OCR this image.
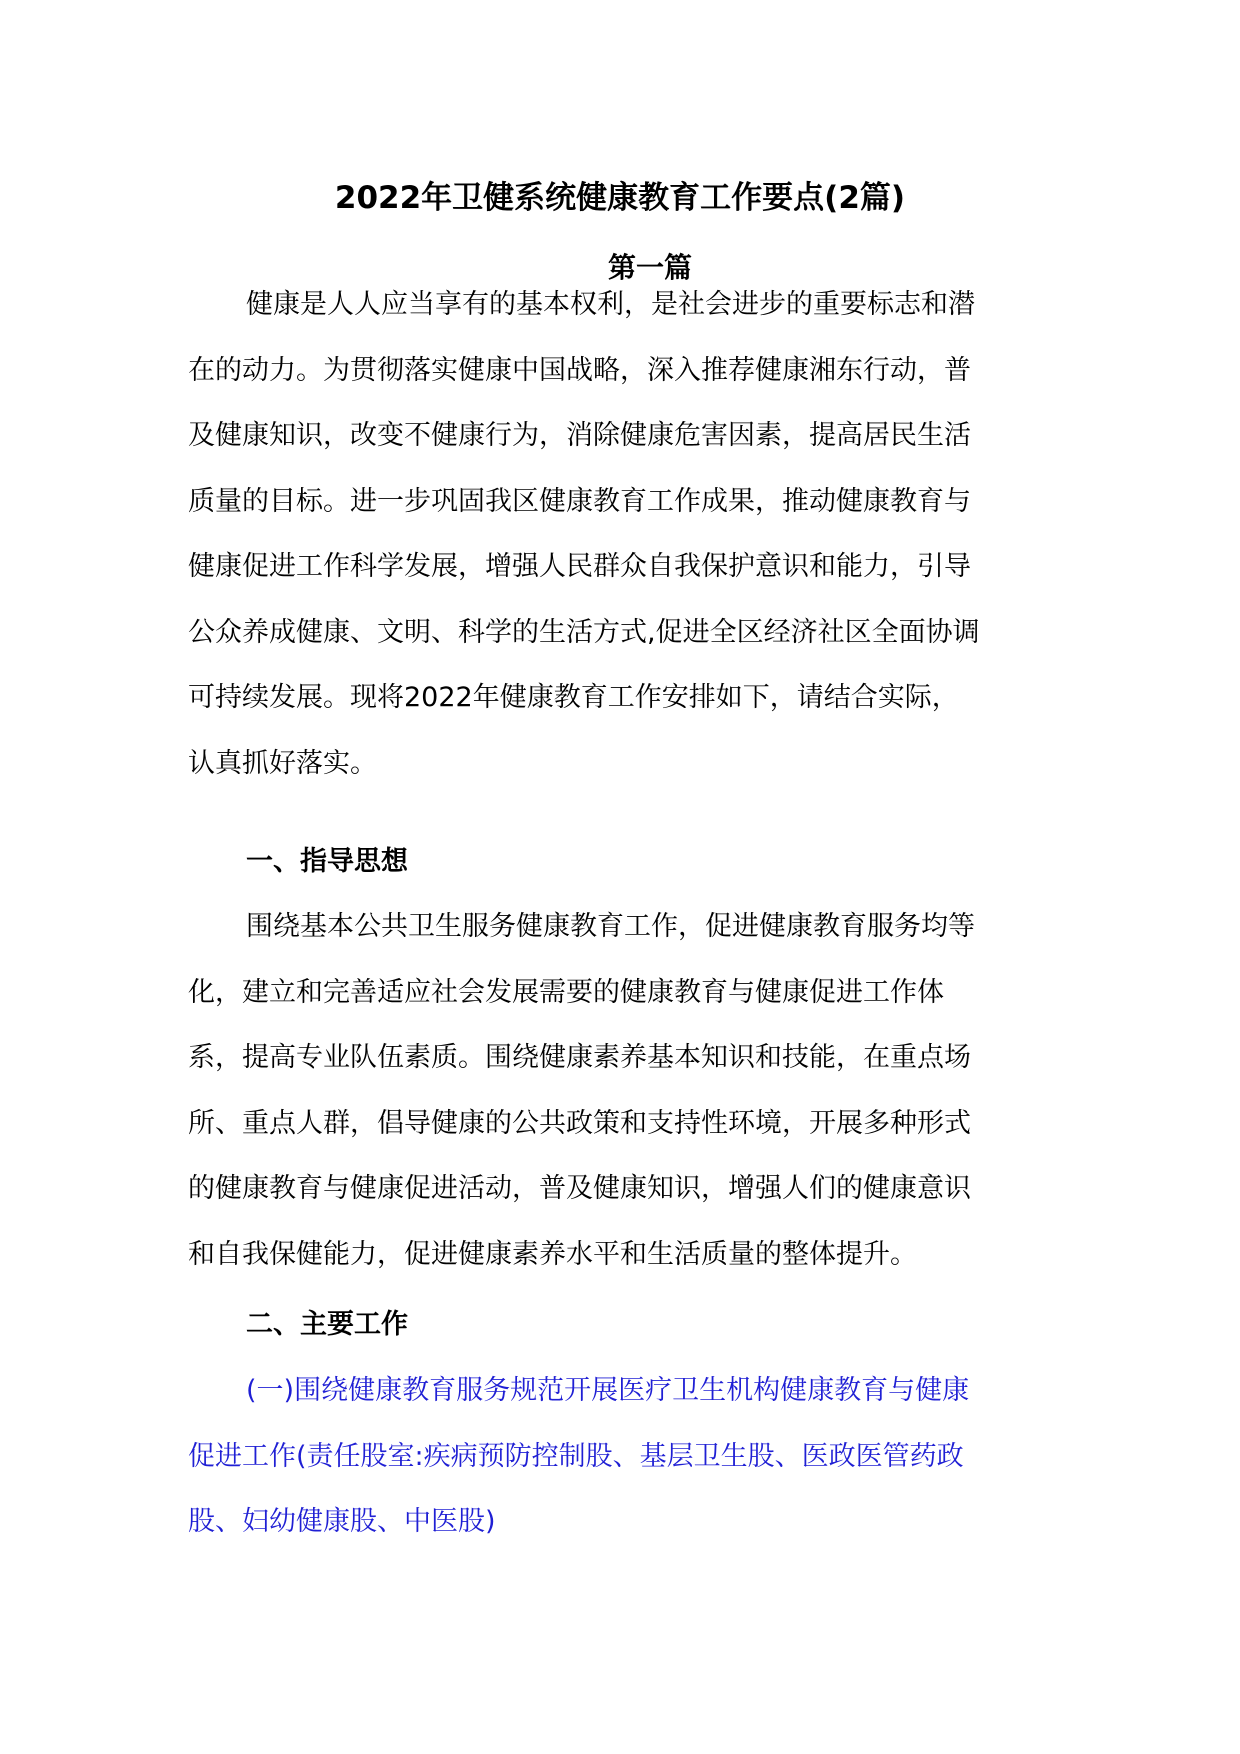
2022年卫健系统健康教育工作要点(2篇)
第一篇
健康是人人应当享有的基本权利，是社会进步的重要标志和潜
在的动力。为贯彻落实健康中国战略，深入推荐健康湘东行动，普
及健康知识，改变不健康行为，消除健康危害因素，提高居民生活
质量的目标。进一步巩固我区健康教育工作成果，推动健康教育与
健康促进工作科学发展，增强人民群众自我保护意识和能力，引导
公众养成健康、文明、科学的生活方式,促进全区经济社区全面协调
可持续发展。现将2022年健康教育工作安排如下，请结合实际，
认真抓好落实。
一、指导思想
围绕基本公共卫生服务健康教育工作，促进健康教育服务均等
化，建立和完善适应社会发展需要的健康教育与健康促进工作体
系，提高专业队伍素质。围绕健康素养基本知识和技能，在重点场
所、重点人群，倡导健康的公共政策和支持性环境，开展多种形式
的健康教育与健康促进活动，普及健康知识，增强人们的健康意识
和自我保健能力，促进健康素养水平和生活质量的整体提升。
二、主要工作
(一)围绕健康教育服务规范开展医疗卫生机构健康教育与健康
促进工作(责任股室:疾病预防控制股、基层卫生股、医政医管药政
股、妇幼健康股、中医股)
